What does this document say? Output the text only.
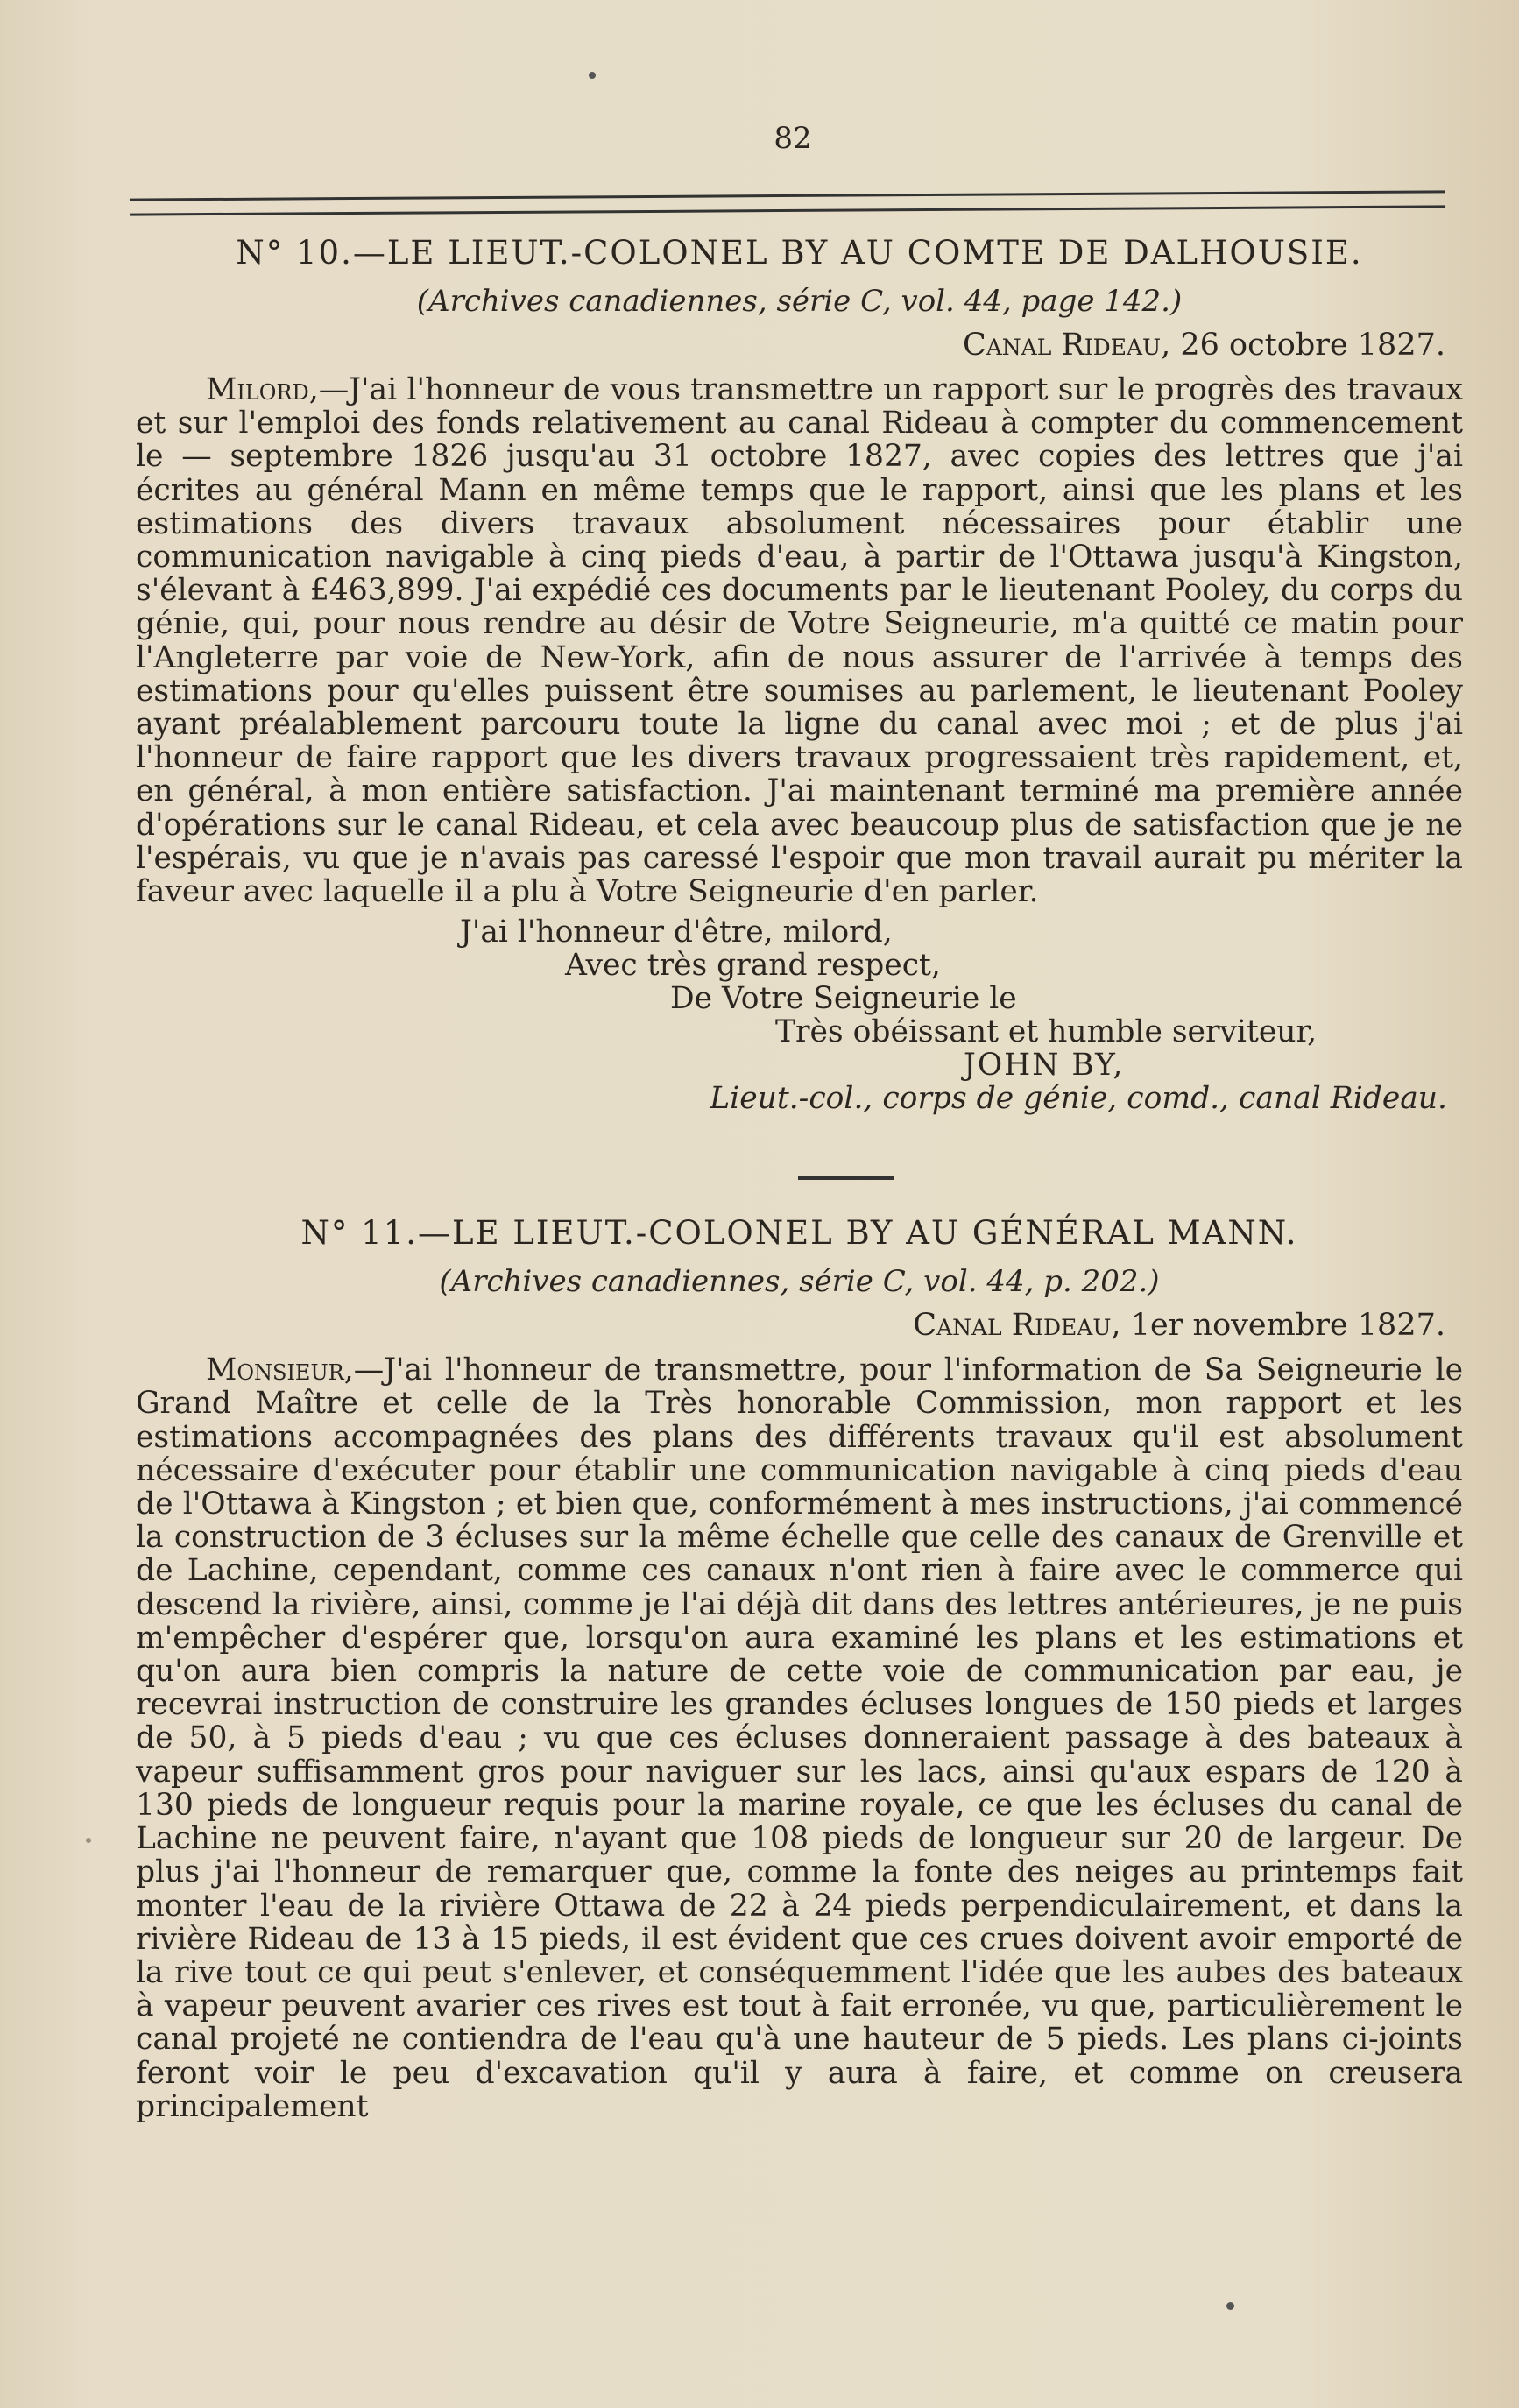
82
N° 10.—LE LIEUT.-COLONEL BY AU COMTE DE DALHOUSIE.
(Archives canadiennes, série C, vol. 44, page 142.)
Canal Rideau, 26 octobre 1827.

Milord,—J'ai l'honneur de vous transmettre un rapport sur le progrès des travaux et sur l'emploi des fonds relativement au canal Rideau à compter du commencement le — septembre 1826 jusqu'au 31 octobre 1827, avec copies des lettres que j'ai écrites au général Mann en même temps que le rapport, ainsi que les plans et les estimations des divers travaux absolument nécessaires pour établir une communication navigable à cinq pieds d'eau, à partir de l'Ottawa jusqu'à Kingston, s'élevant à £463,899. J'ai expédié ces documents par le lieutenant Pooley, du corps du génie, qui, pour nous rendre au désir de Votre Seigneurie, m'a quitté ce matin pour l'Angleterre par voie de New-York, afin de nous assurer de l'arrivée à temps des estimations pour qu'elles puissent être soumises au parlement, le lieutenant Pooley ayant préalablement parcouru toute la ligne du canal avec moi ; et de plus j'ai l'honneur de faire rapport que les divers travaux progressaient très rapidement, et, en général, à mon entière satisfaction. J'ai maintenant terminé ma première année d'opérations sur le canal Rideau, et cela avec beaucoup plus de satisfaction que je ne l'espérais, vu que je n'avais pas caressé l'espoir que mon travail aurait pu mériter la faveur avec laquelle il a plu à Votre Seigneurie d'en parler.

J'ai l'honneur d'être, milord,
Avec très grand respect,
De Votre Seigneurie le
Très obéissant et humble serviteur,
JOHN BY,
Lieut.-col., corps de génie, comd., canal Rideau.
N° 11.—LE LIEUT.-COLONEL BY AU GÉNÉRAL MANN.
(Archives canadiennes, série C, vol. 44, p. 202.)
Canal Rideau, 1er novembre 1827.

Monsieur,—J'ai l'honneur de transmettre, pour l'information de Sa Seigneurie le Grand Maître et celle de la Très honorable Commission, mon rapport et les estimations accompagnées des plans des différents travaux qu'il est absolument nécessaire d'exécuter pour établir une communication navigable à cinq pieds d'eau de l'Ottawa à Kingston ; et bien que, conformément à mes instructions, j'ai commencé la construction de 3 écluses sur la même échelle que celle des canaux de Grenville et de Lachine, cependant, comme ces canaux n'ont rien à faire avec le commerce qui descend la rivière, ainsi, comme je l'ai déjà dit dans des lettres antérieures, je ne puis m'empêcher d'espérer que, lorsqu'on aura examiné les plans et les estimations et qu'on aura bien compris la nature de cette voie de communication par eau, je recevrai instruction de construire les grandes écluses longues de 150 pieds et larges de 50, à 5 pieds d'eau ; vu que ces écluses donneraient passage à des bateaux à vapeur suffisamment gros pour naviguer sur les lacs, ainsi qu'aux espars de 120 à 130 pieds de longueur requis pour la marine royale, ce que les écluses du canal de Lachine ne peuvent faire, n'ayant que 108 pieds de longueur sur 20 de largeur. De plus j'ai l'honneur de remarquer que, comme la fonte des neiges au printemps fait monter l'eau de la rivière Ottawa de 22 à 24 pieds perpendiculairement, et dans la rivière Rideau de 13 à 15 pieds, il est évident que ces crues doivent avoir emporté de la rive tout ce qui peut s'enlever, et conséquemment l'idée que les aubes des bateaux à vapeur peuvent avarier ces rives est tout à fait erronée, vu que, particulièrement le canal projeté ne contiendra de l'eau qu'à une hauteur de 5 pieds. Les plans ci-joints feront voir le peu d'excavation qu'il y aura à faire, et comme on creusera principalement
